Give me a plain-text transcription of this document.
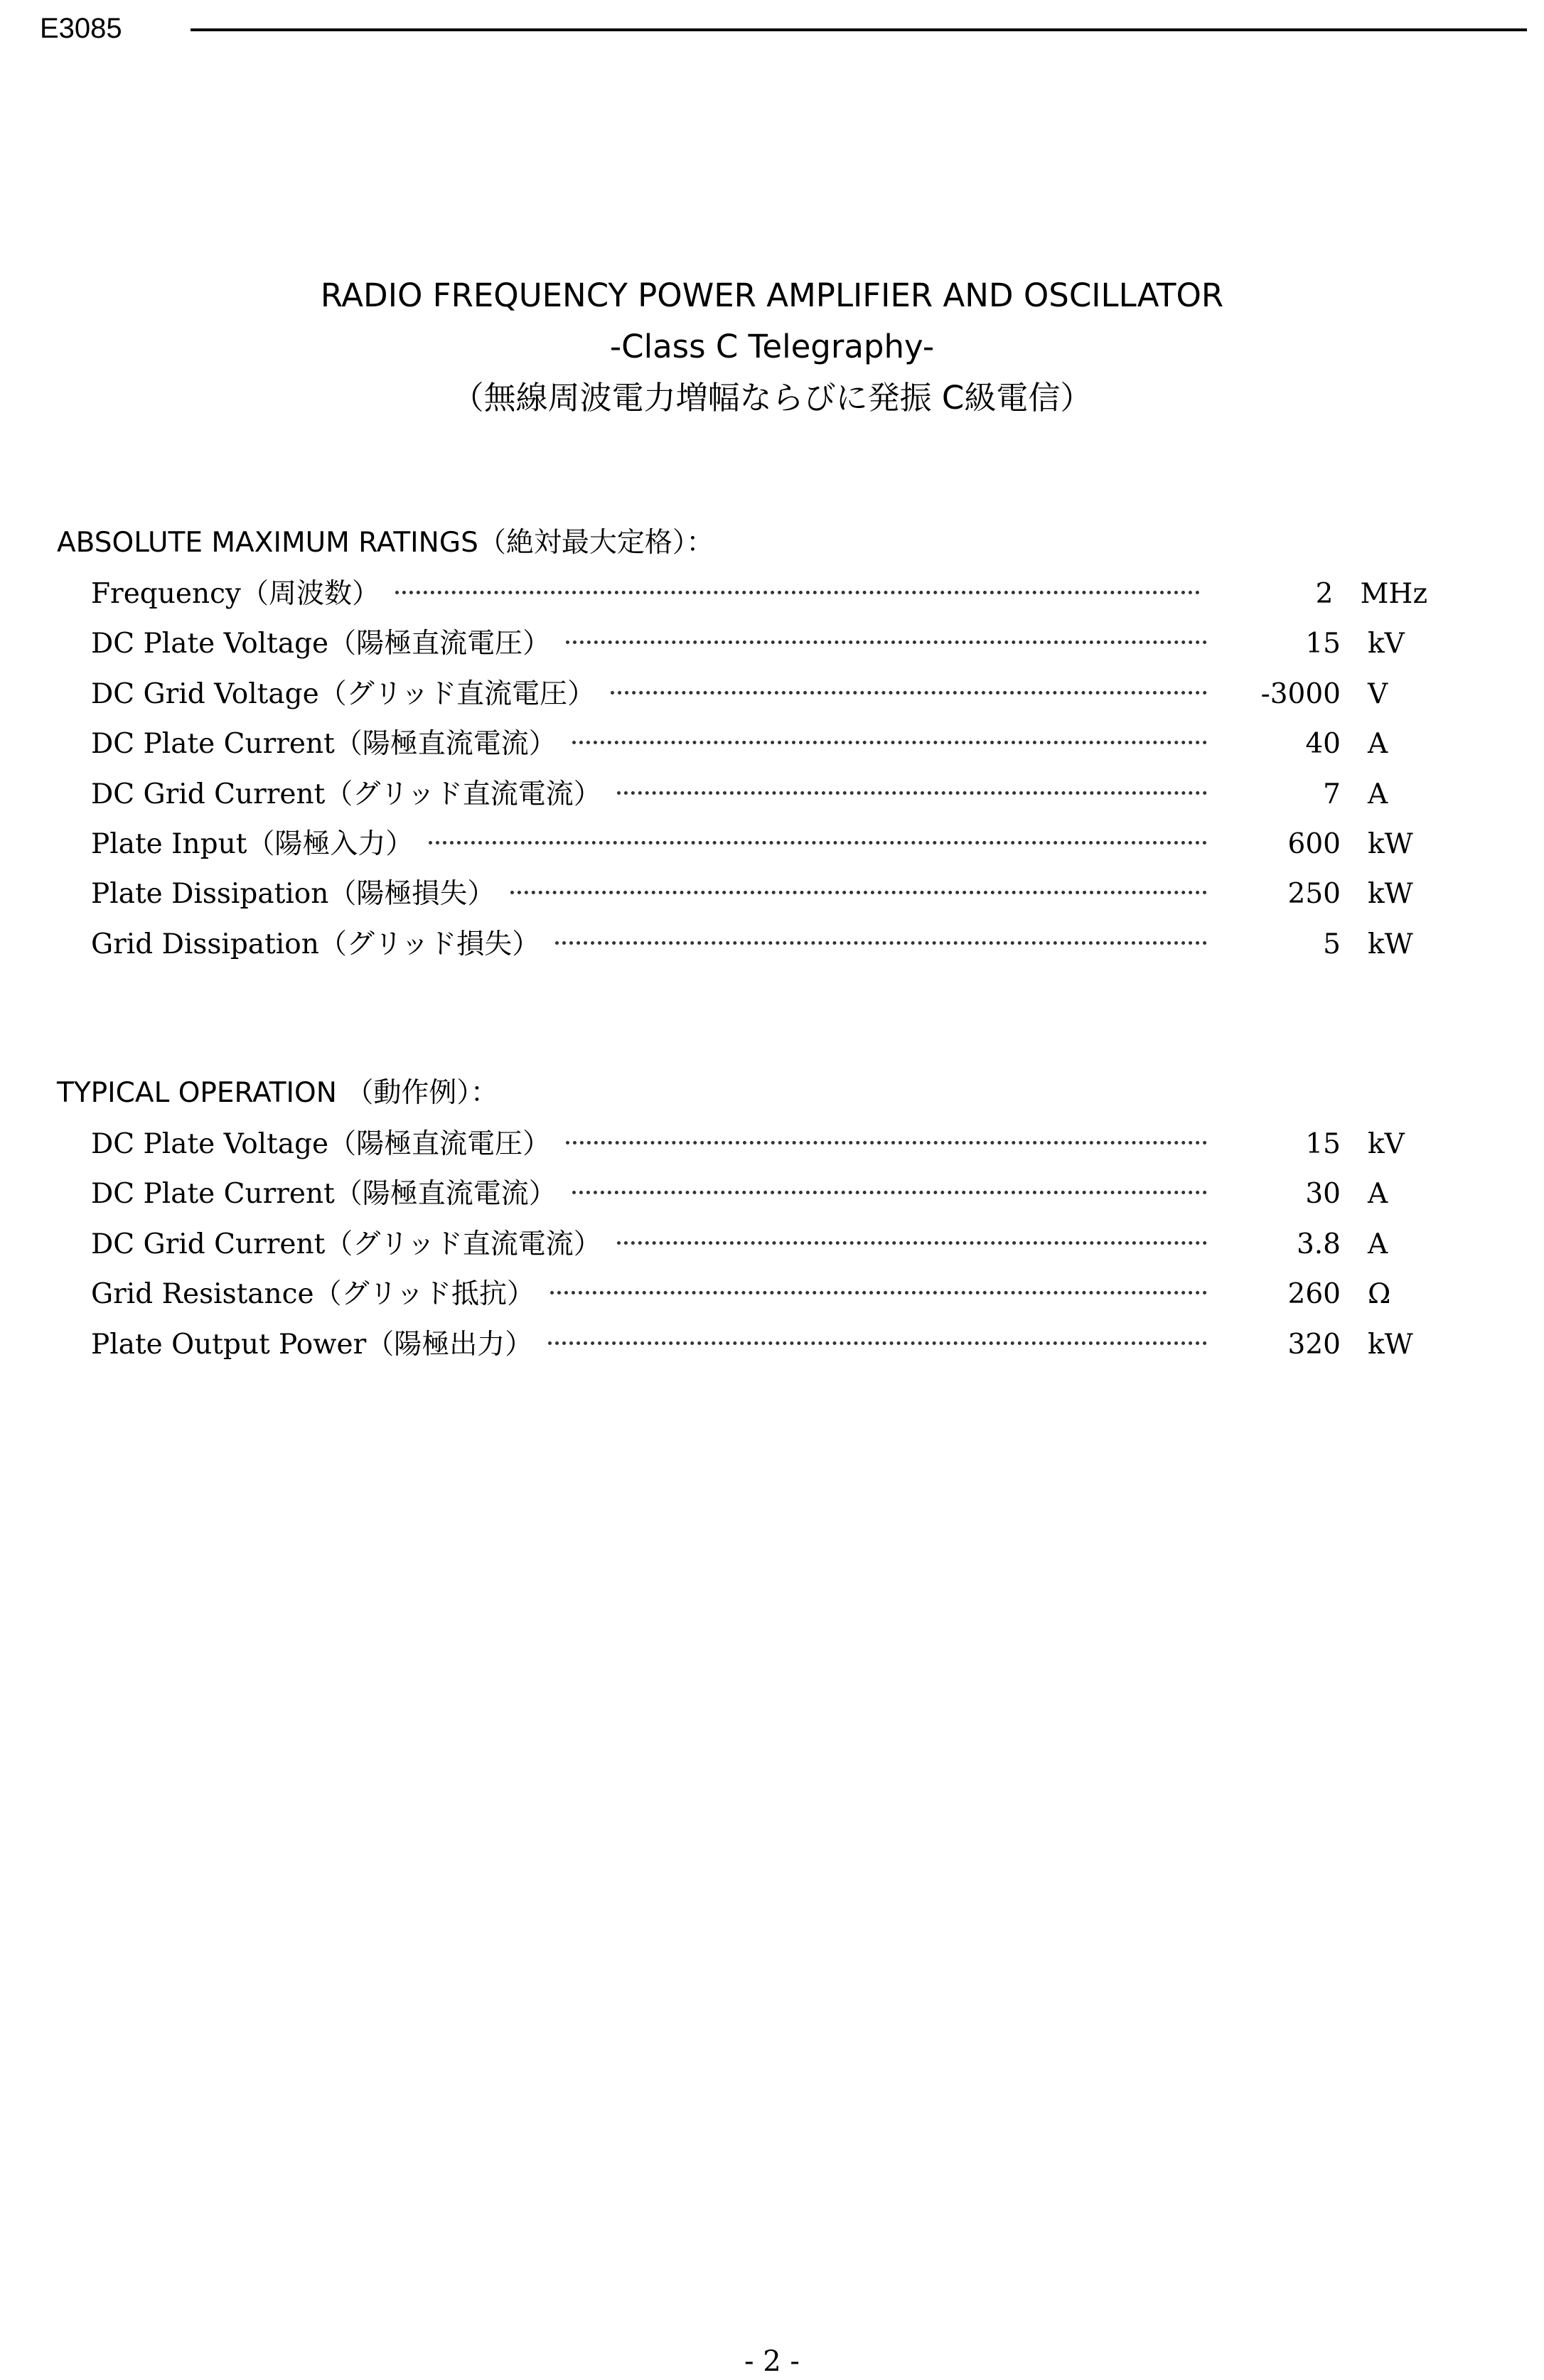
E3085
RADIO FREQUENCY POWER AMPLIFIER AND OSCILLATOR
-Class C Telegraphy-
（無線周波電力増幅ならびに発振 C級電信）
ABSOLUTE MAXIMUM RATINGS（絶対最大定格）：
Frequency（周波数）	2 MHz
DC Plate Voltage（陽極直流電圧）	15 kV
DC Grid Voltage（グリッド直流電圧）	-3000 V
DC Plate Current（陽極直流電流）	40 A
DC Grid Current（グリッド直流電流）	7 A
Plate Input（陽極入力）	600 kW
Plate Dissipation（陽極損失）	250 kW
Grid Dissipation（グリッド損失）	5 kW
TYPICAL OPERATION （動作例）：
DC Plate Voltage（陽極直流電圧）	15 kV
DC Plate Current（陽極直流電流）	30 A
DC Grid Current（グリッド直流電流）	3.8 A
Grid Resistance（グリッド抵抗）	260 Ω
Plate Output Power（陽極出力）	320 kW
- 2 -
